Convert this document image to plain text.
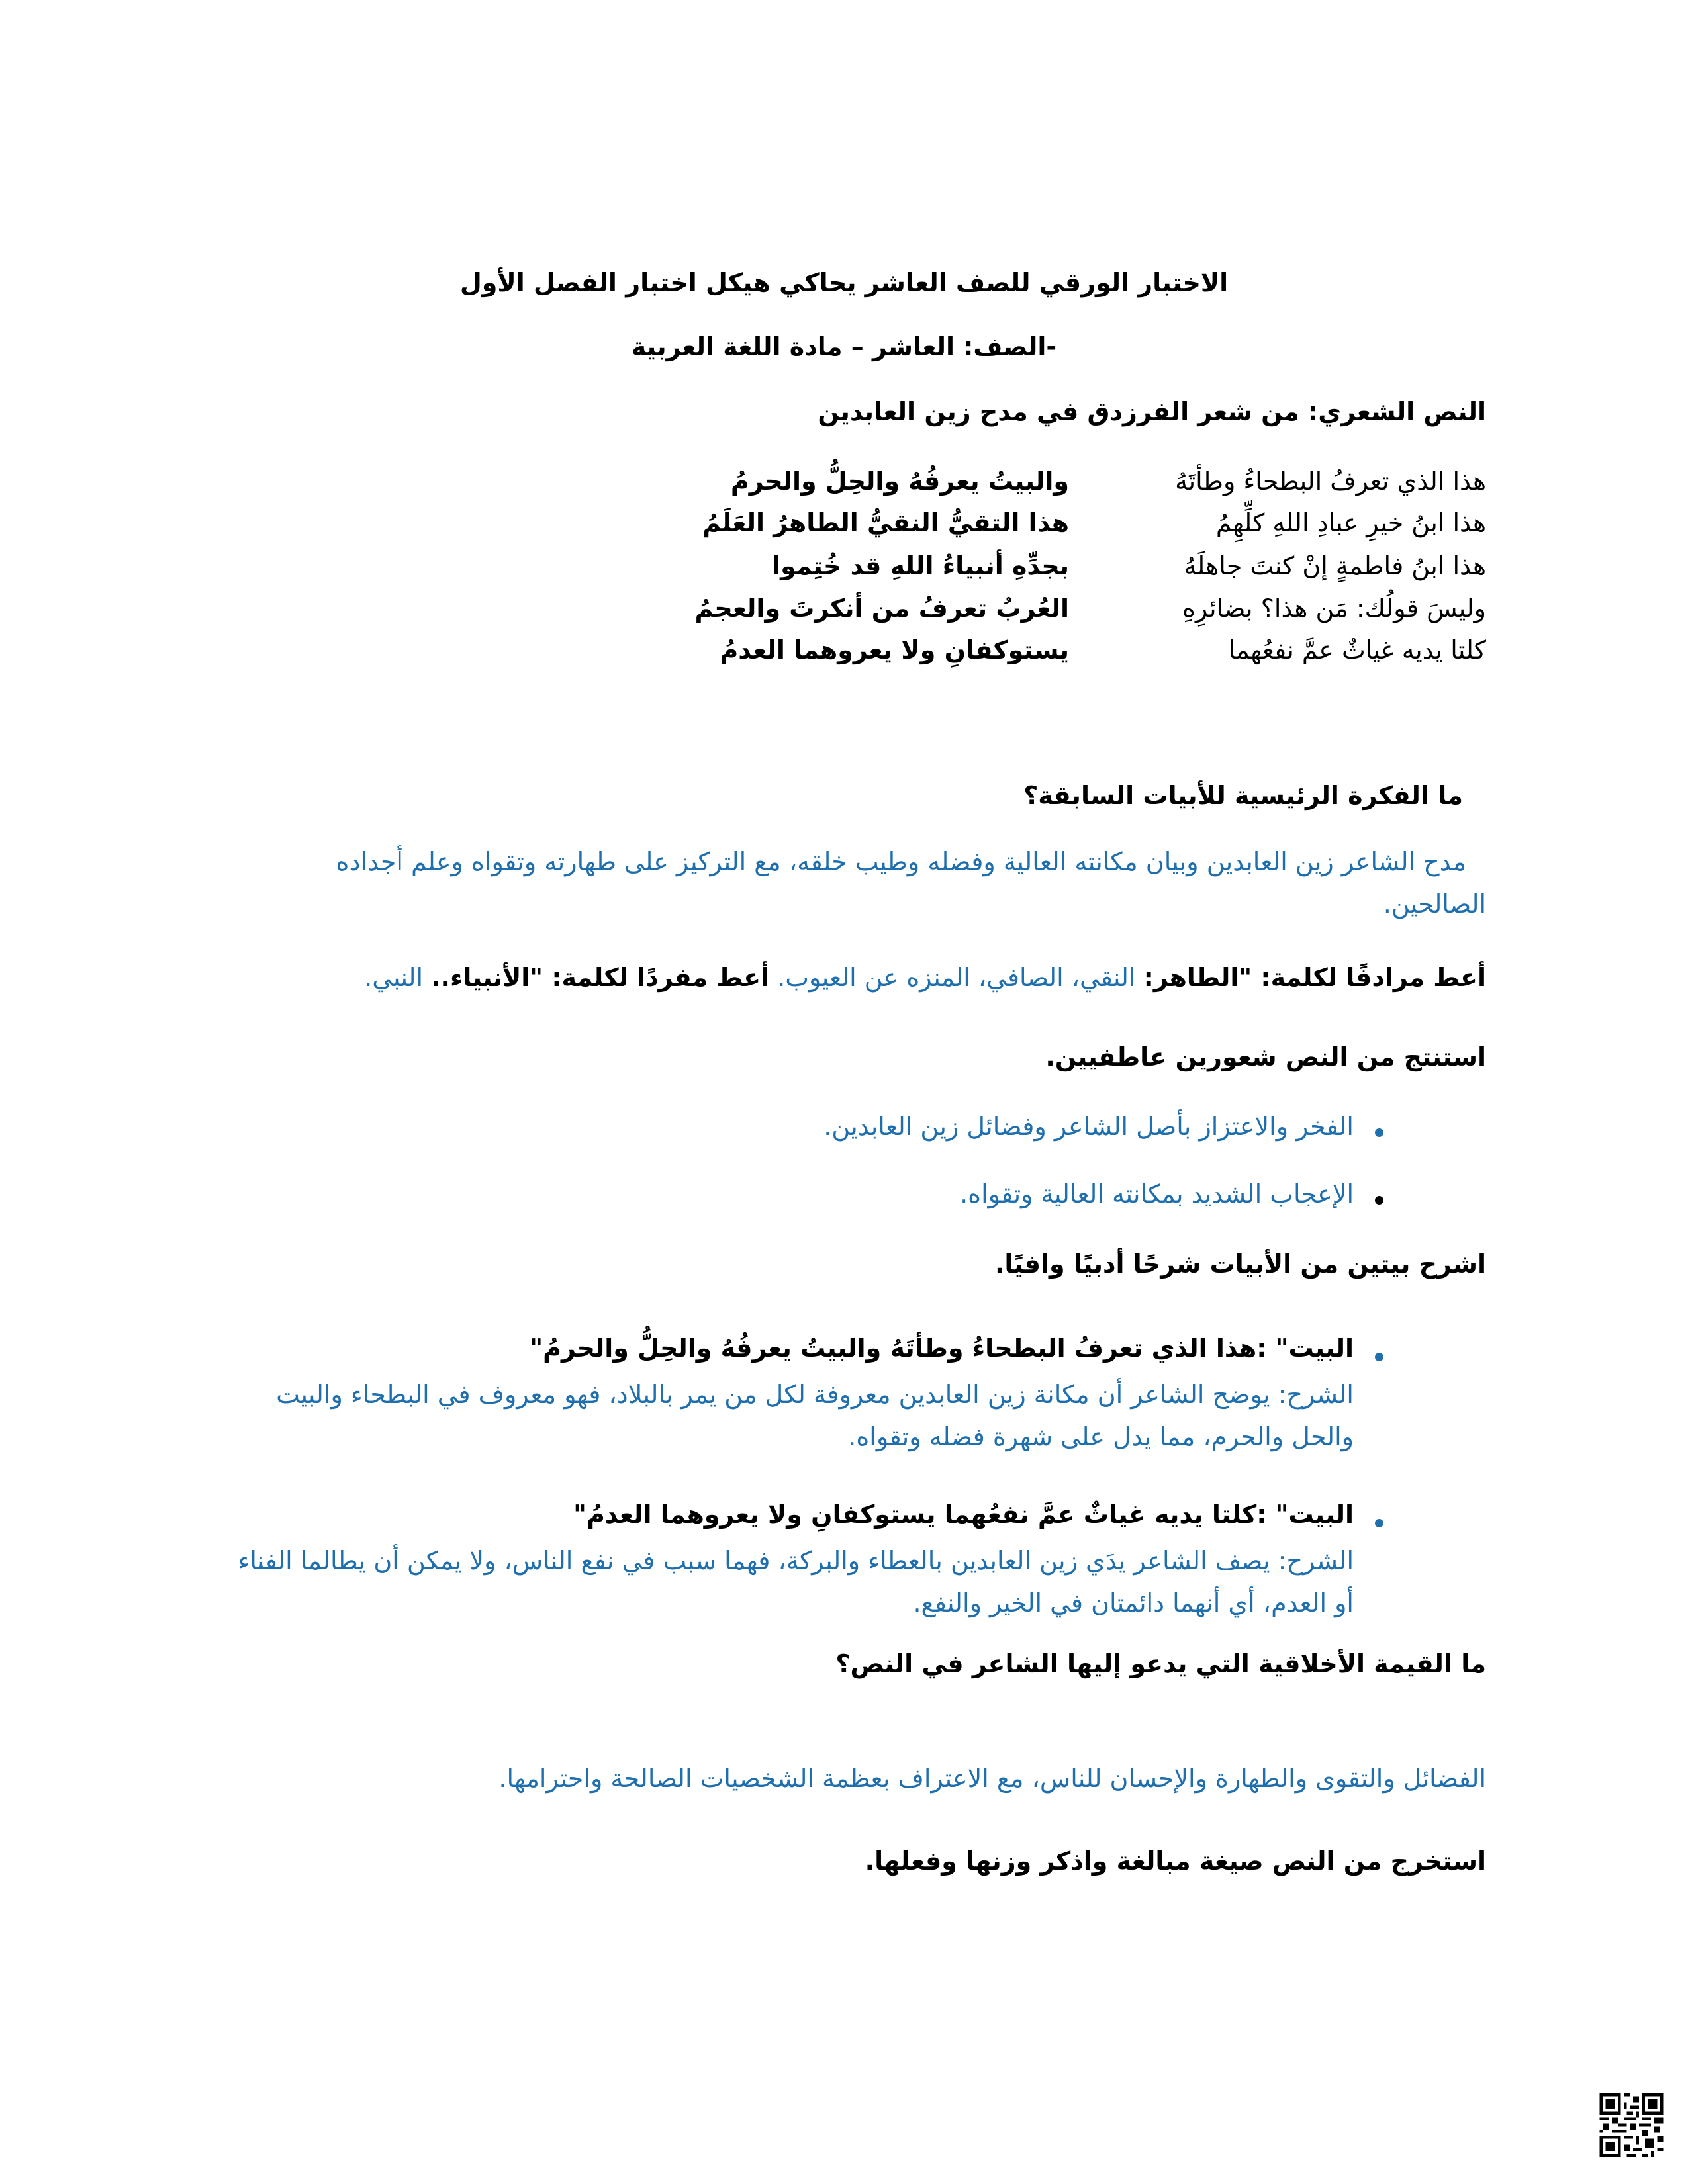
الاختبار الورقي للصف العاشر يحاكي هيكل اختبار الفصل الأول
-الصف: العاشر – مادة اللغة العربية
النص الشعري: من شعر الفرزدق في مدح زين العابدين
هذا الذي تعرفُ البطحاءُ وطأتَهُ
والبيتُ يعرفُهُ والحِلُّ والحرمُ
هذا ابنُ خيرِ عبادِ اللهِ كلِّهِمُ
هذا التقيُّ النقيُّ الطاهرُ العَلَمُ
هذا ابنُ فاطمةٍ إنْ كنتَ جاهلَهُ
بجدِّهِ أنبياءُ اللهِ قد خُتِموا
وليسَ قولُك: مَن هذا؟ بضائرِهِ
العُربُ تعرفُ من أنكرتَ والعجمُ
كلتا يديه غياثٌ عمَّ نفعُهما
يستوكفانِ ولا يعروهما العدمُ
ما الفكرة الرئيسية للأبيات السابقة؟
مدح الشاعر زين العابدين وبيان مكانته العالية وفضله وطيب خلقه، مع التركيز على طهارته وتقواه وعلم أجداده الصالحين.
أعط مرادفًا لكلمة: "الطاهر: النقي، الصافي، المنزه عن العيوب. أعط مفردًا لكلمة: "الأنبياء.. النبي.
استنتج من النص شعورين عاطفيين.
الفخر والاعتزاز بأصل الشاعر وفضائل زين العابدين.
الإعجاب الشديد بمكانته العالية وتقواه.
اشرح بيتين من الأبيات شرحًا أدبيًا وافيًا.
البيت" :هذا الذي تعرفُ البطحاءُ وطأتَهُ والبيتُ يعرفُهُ والحِلُّ والحرمُ"
الشرح: يوضح الشاعر أن مكانة زين العابدين معروفة لكل من يمر بالبلاد، فهو معروف في البطحاء والبيت والحل والحرم، مما يدل على شهرة فضله وتقواه.
البيت" :كلتا يديه غياثٌ عمَّ نفعُهما يستوكفانِ ولا يعروهما العدمُ"
الشرح: يصف الشاعر يدَي زين العابدين بالعطاء والبركة، فهما سبب في نفع الناس، ولا يمكن أن يطالما الفناء أو العدم، أي أنهما دائمتان في الخير والنفع.
ما القيمة الأخلاقية التي يدعو إليها الشاعر في النص؟
الفضائل والتقوى والطهارة والإحسان للناس، مع الاعتراف بعظمة الشخصيات الصالحة واحترامها.
استخرج من النص صيغة مبالغة واذكر وزنها وفعلها.
